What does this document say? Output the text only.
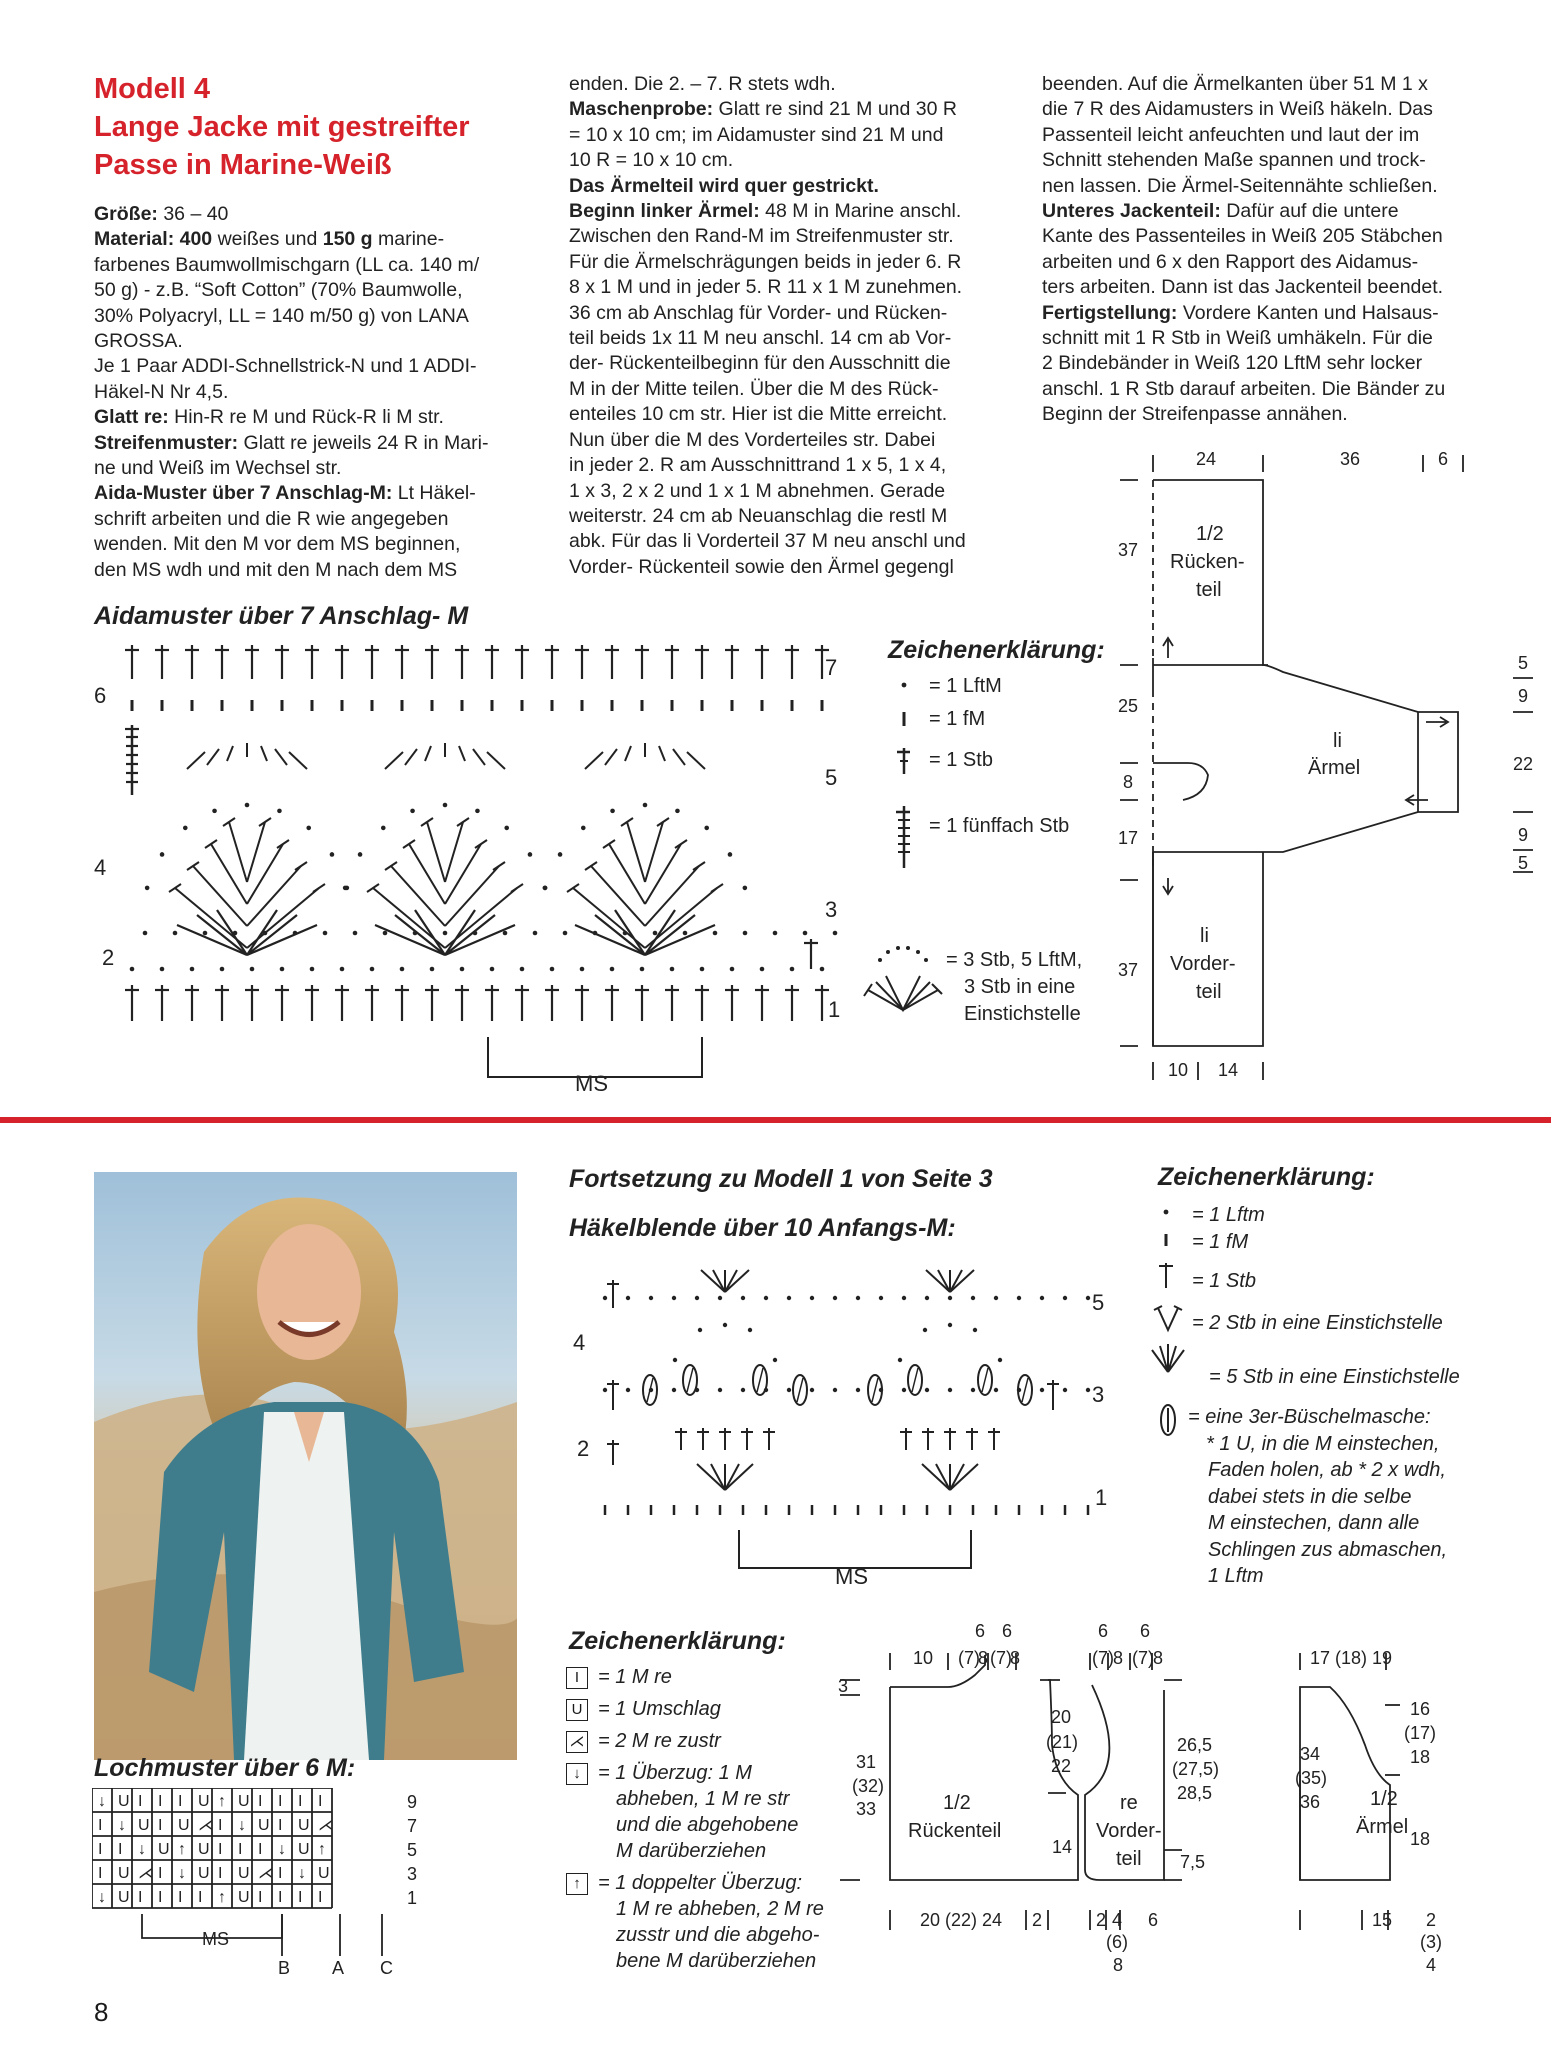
Modell 4
Lange Jacke mit gestreifter
Passe in Marine-Weiß
Größe: 36 – 40
Material: 400 weißes und 150 g marine-
farbenes Baumwollmischgarn (LL ca. 140 m/
50 g) - z.B. “Soft Cotton” (70% Baumwolle,
30% Polyacryl, LL = 140 m/50 g) von LANA
GROSSA.
Je 1 Paar ADDI-Schnellstrick-N und 1 ADDI-
Häkel-N Nr 4,5.
Glatt re: Hin-R re M und Rück-R li M str.
Streifenmuster: Glatt re jeweils 24 R in Mari-
ne und Weiß im Wechsel str.
Aida-Muster über 7 Anschlag-M: Lt Häkel-
schrift arbeiten und die R wie angegeben
wenden. Mit den M vor dem MS beginnen,
den MS wdh und mit den M nach dem MS
enden. Die 2. – 7. R stets wdh.
Maschenprobe: Glatt re sind 21 M und 30 R
= 10 x 10 cm; im Aidamuster sind 21 M und
10 R = 10 x 10 cm.
Das Ärmelteil wird quer gestrickt.
Beginn linker Ärmel: 48 M in Marine anschl.
Zwischen den Rand-M im Streifenmuster str.
Für die Ärmelschrägungen beids in jeder 6. R
8 x 1 M und in jeder 5. R 11 x 1 M zunehmen.
36 cm ab Anschlag für Vorder- und Rücken-
teil beids 1x 11 M neu anschl. 14 cm ab Vor-
der- Rückenteilbeginn für den Ausschnitt die
M in der Mitte teilen. Über die M des Rück-
enteiles 10 cm str. Hier ist die Mitte erreicht.
Nun über die M des Vorderteiles str. Dabei
in jeder 2. R am Ausschnittrand 1 x 5, 1 x 4,
1 x 3, 2 x 2 und 1 x 1 M abnehmen. Gerade
weiterstr. 24 cm ab Neuanschlag die restl M
abk. Für das li Vorderteil 37 M neu anschl und
Vorder- Rückenteil sowie den Ärmel gegengl
beenden. Auf die Ärmelkanten über 51 M 1 x
die 7 R des Aidamusters in Weiß häkeln. Das
Passenteil leicht anfeuchten und laut der im
Schnitt stehenden Maße spannen und trock-
nen lassen. Die Ärmel-Seitennähte schließen.
Unteres Jackenteil: Dafür auf die untere
Kante des Passenteiles in Weiß 205 Stäbchen
arbeiten und 6 x den Rapport des Aidamus-
ters arbeiten. Dann ist das Jackenteil beendet.
Fertigstellung: Vordere Kanten und Halsaus-
schnitt mit 1 R Stb in Weiß umhäkeln. Für die
2 Bindebänder in Weiß 120 LftM sehr locker
anschl. 1 R Stb darauf arbeiten. Die Bänder zu
Beginn der Streifenpasse annähen.
Aidamuster über 7 Anschlag- M
6
4
2
7
5
3
1
MS
Zeichenerklärung:
= 1 LftM
= 1 fM
= 1 Stb
= 1 fünffach Stb
= 3 Stb, 5 LftM,
3 Stb in eine
Einstichstelle
24	36	6
37
25
8
17
37
5
9
22
9
5
10 14
1/2
Rücken-
teil
li
Ärmel
li
Vorder-
teil
Fortsetzung zu Modell 1 von Seite 3
Häkelblende über 10 Anfangs-M:
4
2
5
3
1
MS
Zeichenerklärung:
= 1 Lftm
= 1 fM
= 1 Stb
= 2 Stb in eine Einstichstelle
= 5 Stb in eine Einstichstelle
= eine 3er-Büschelmasche:
* 1 U, in die M einstechen,
Faden holen, ab * 2 x wdh,
dabei stets in die selbe
M einstechen, dann alle
Schlingen zus abmaschen,
1 Lftm
Lochmuster über 6 M:
↓ U I I I U ↑ U I I I I
I ↓ U I U ⋌ I ↓ U I U ⋌
I I ↓ U ↑ U I I I ↓ U ↑
I U ⋌ I ↓ U I U ⋌ I ↓ U
↓ U I I I I ↑ U I I I I
9
7
5
3
1
MS
B A C
8
Zeichenerklärung:
I = 1 M re
U = 1 Umschlag
⋌ = 2 M re zustr
↓ = 1 Überzug: 1 M
abheben, 1 M re str
und die abgehobene
M darüberziehen
↑ = 1 doppelter Überzug:
1 M re abheben, 2 M re
zusstr und die abgeho-
bene M darüberziehen
6 6
10 (7)
8 (7)
8
3
31
(32)
33	1/2
Rückenteil
20
(21)
22
14
20 (22) 24 2
6 6
(7) 8 (7) 8
re
Vorder-
teil
26,5
(27,5)
28,5
7,5
2 4 6
(6)
8
17 (18) 19
34
(35)
36
16
(17)
18
18
1/2
Ärmel
15 2
(3)
4
